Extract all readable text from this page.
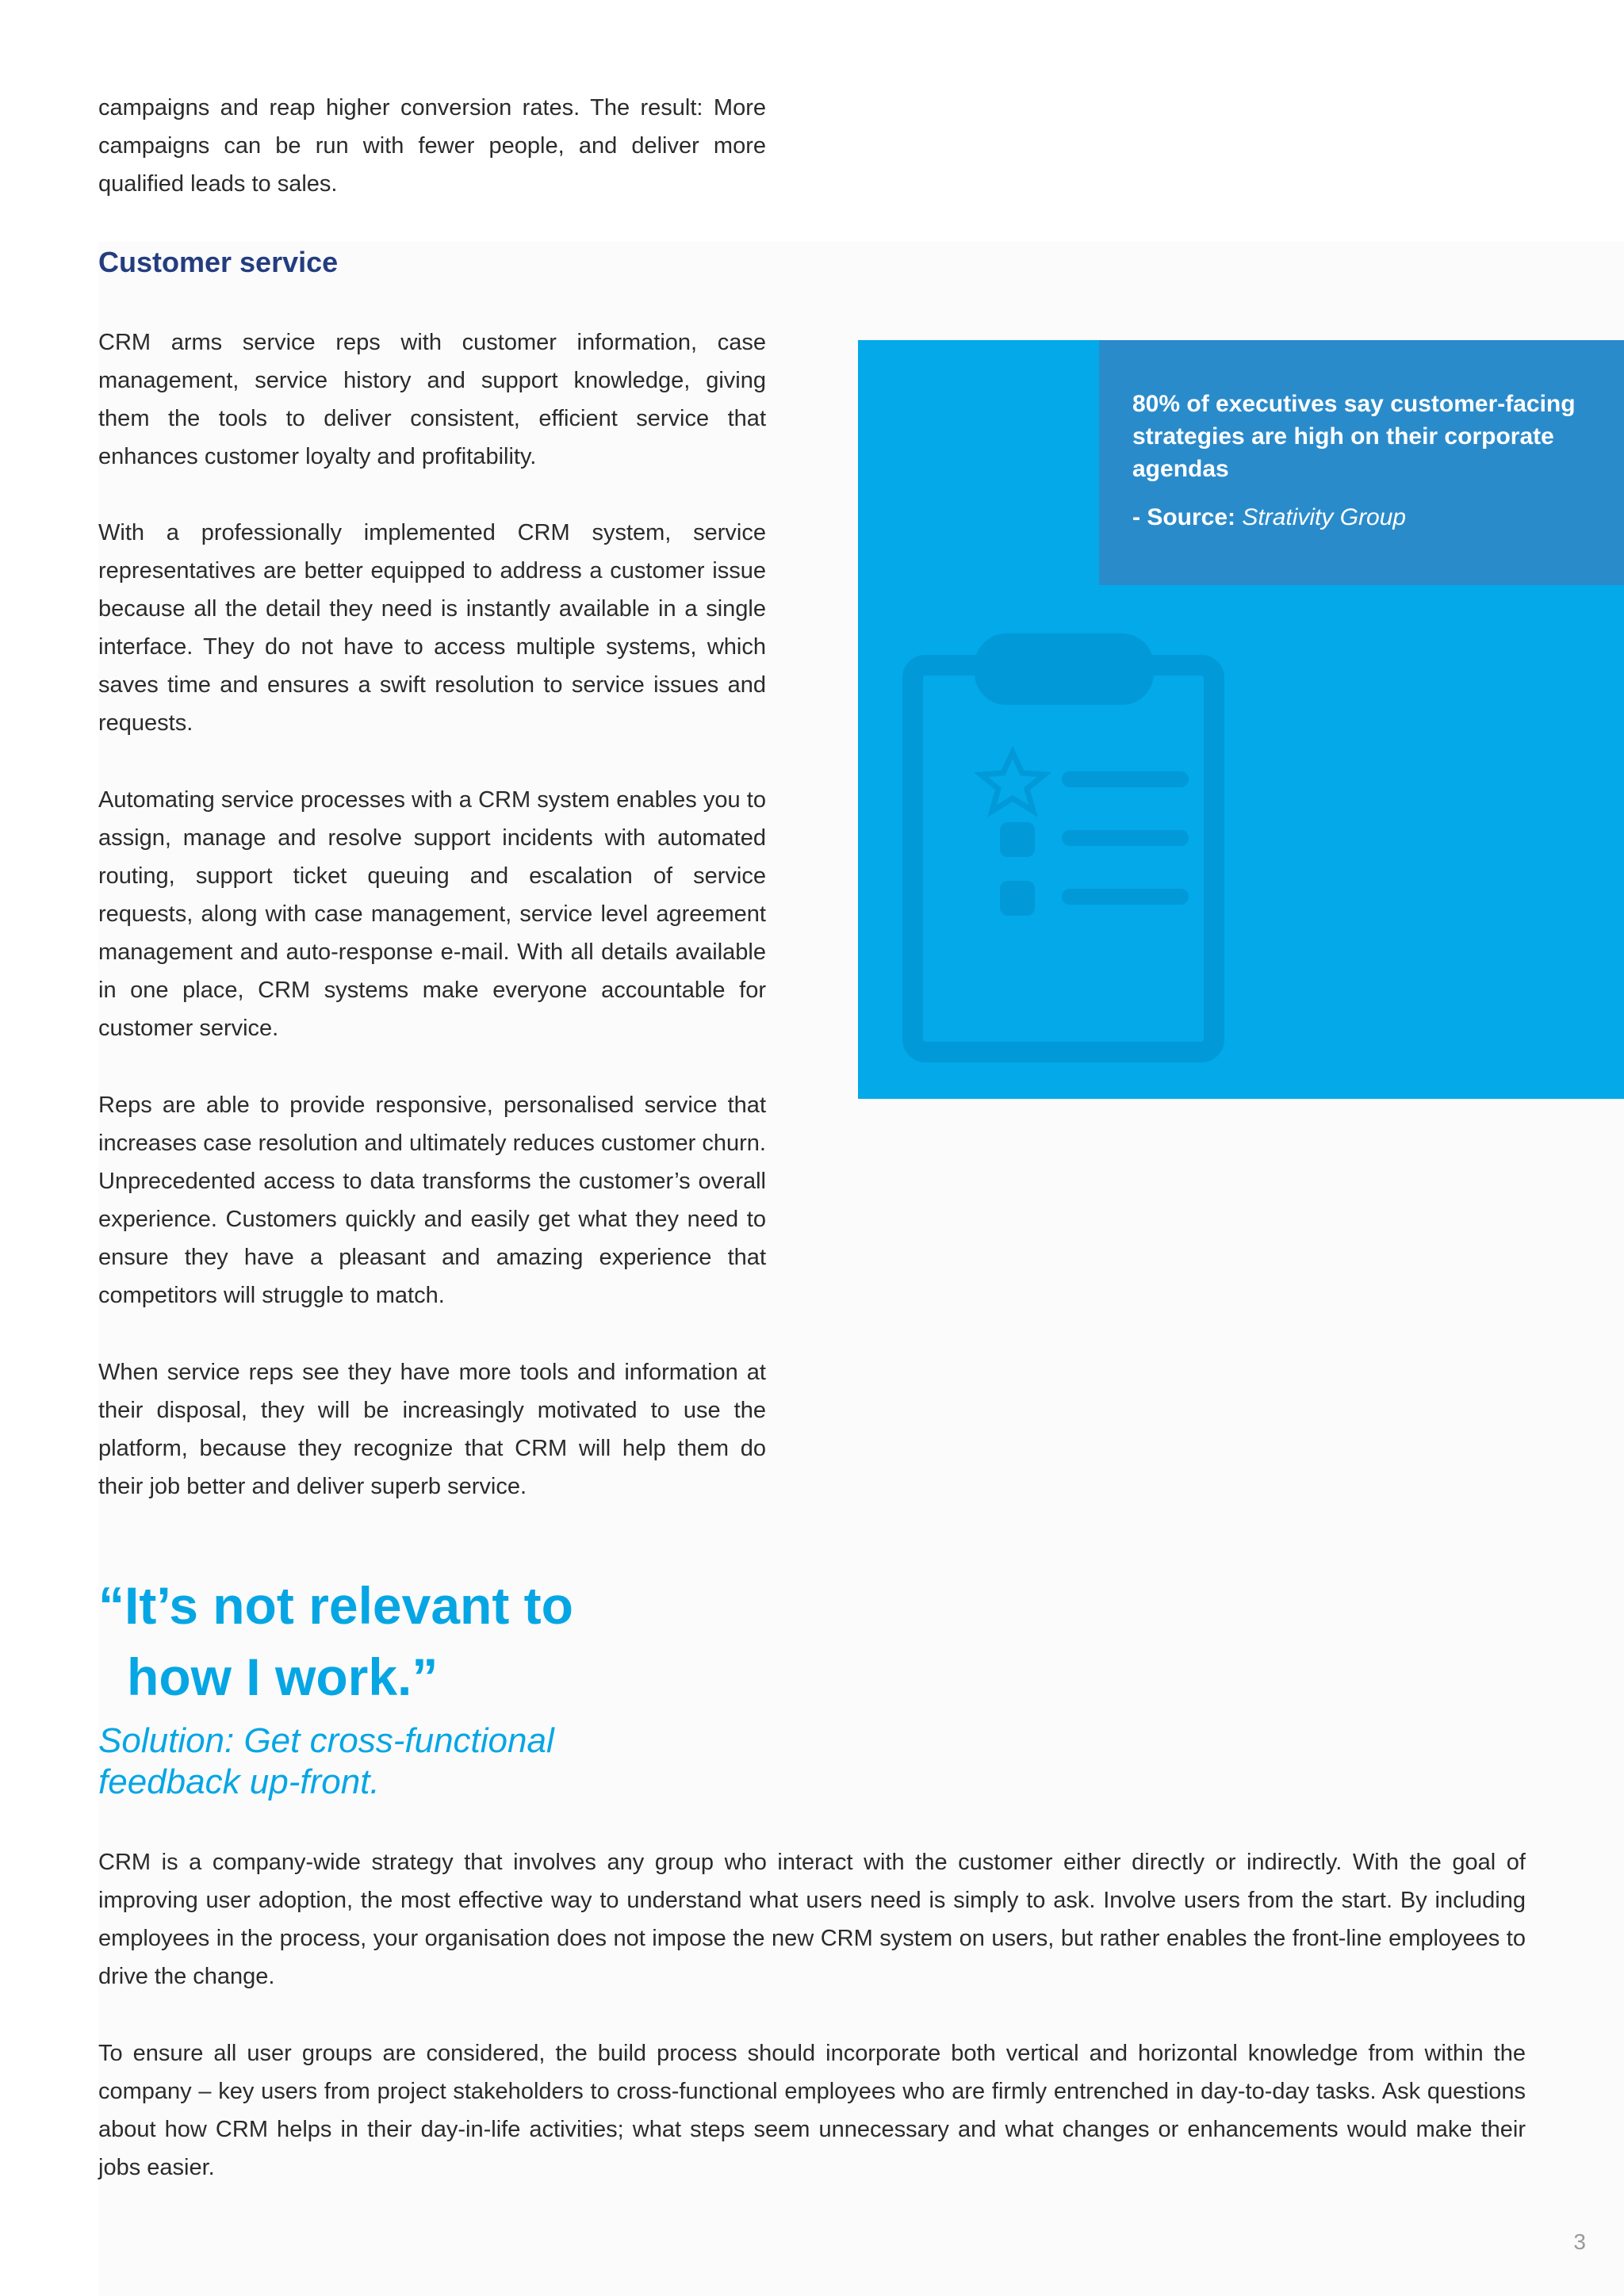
campaigns and reap higher conversion rates. The result: More campaigns can be run with fewer people, and deliver more qualified leads to sales.

Customer service

CRM arms service reps with customer information, case management, service history and support knowledge, giving them the tools to deliver consistent, efficient service that enhances customer loyalty and profitability.

With a professionally implemented CRM system, service representatives are better equipped to address a customer issue because all the detail they need is instantly available in a single interface. They do not have to access multiple systems, which saves time and ensures a swift resolution to service issues and requests.

Automating service processes with a CRM system enables you to assign, manage and resolve support incidents with automated routing, support ticket queuing and escalation of service requests, along with case management, service level agreement management and auto-response e-mail. With all details available in one place, CRM systems make everyone accountable for customer service.

Reps are able to provide responsive, personalised service that increases case resolution and ultimately reduces customer churn. Unprecedented access to data transforms the customer’s overall experience. Customers quickly and easily get what they need to ensure they have a pleasant and amazing experience that competitors will struggle to match.

When service reps see they have more tools and information at their disposal, they will be increasingly motivated to use the platform, because they recognize that CRM will help them do their job better and deliver superb service.

80% of executives say customer-facing strategies are high on their corporate agendas

- Source: Strativity Group

“It’s not relevant to
how I work.”

Solution: Get cross-functional feedback up-front.

CRM is a company-wide strategy that involves any group who interact with the customer either directly or indirectly. With the goal of improving user adoption, the most effective way to understand what users need is simply to ask. Involve users from the start. By including employees in the process, your organisation does not impose the new CRM system on users, but rather enables the front-line employees to drive the change.

To ensure all user groups are considered, the build process should incorporate both vertical and horizontal knowledge from within the company – key users from project stakeholders to cross-functional employees who are firmly entrenched in day-to-day tasks. Ask questions about how CRM helps in their day-in-life activities; what steps seem unnecessary and what changes or enhancements would make their jobs easier.

3
